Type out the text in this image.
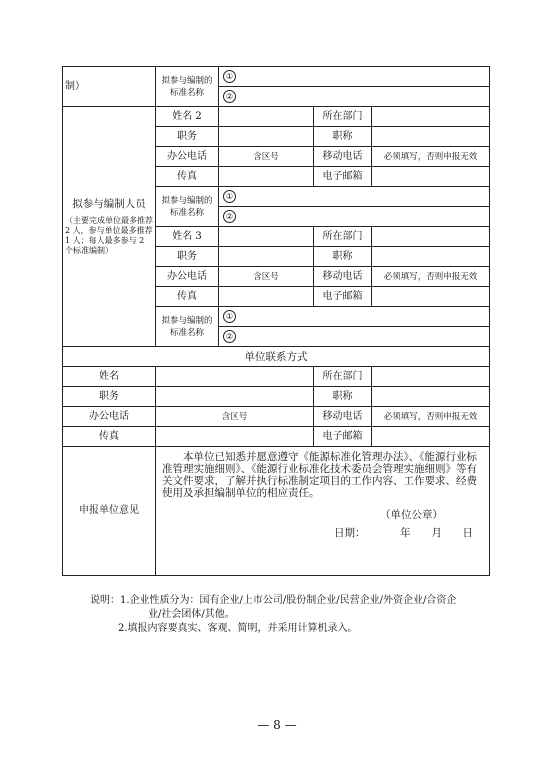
制）	拟参与编制的标准名称	①		
		②		

拟参与编制人员
（主要完成单位最多推荐 2 人，参与单位最多推荐 1 人；每人最多参与 2 个标准编制）	姓名 2		所在部门	
	职务		职称	
	办公电话	含区号	移动电话	必须填写，否则申报无效
	传真		电子邮箱	
	拟参与编制的标准名称	①		
		②		
	姓名 3		所在部门	
	职务		职称	
	办公电话	含区号	移动电话	必须填写，否则申报无效
	传真		电子邮箱	
	拟参与编制的标准名称	①		
		②		
单位联系方式				
姓名			所在部门	
职务			职称	
办公电话	含区号		移动电话	必须填写，否则申报无效
传真			电子邮箱	
申报单位意见	本单位已知悉并愿意遵守《能源标准化管理办法》、《能源行业标准管理实施细则》、《能源行业标准化技术委员会管理实施细则》等有关文件要求，了解并执行标准制定项目的工作内容、工作要求、经费使用及承担编制单位的相应责任。
（单位公章）
日期： 年 月 日			
说明：1.企业性质分为：国有企业/上市公司/股份制企业/民营企业/外资企业/合资企
业/社会团体/其他。
2.填报内容要真实、客观、简明，并采用计算机录入。
— 8 —
